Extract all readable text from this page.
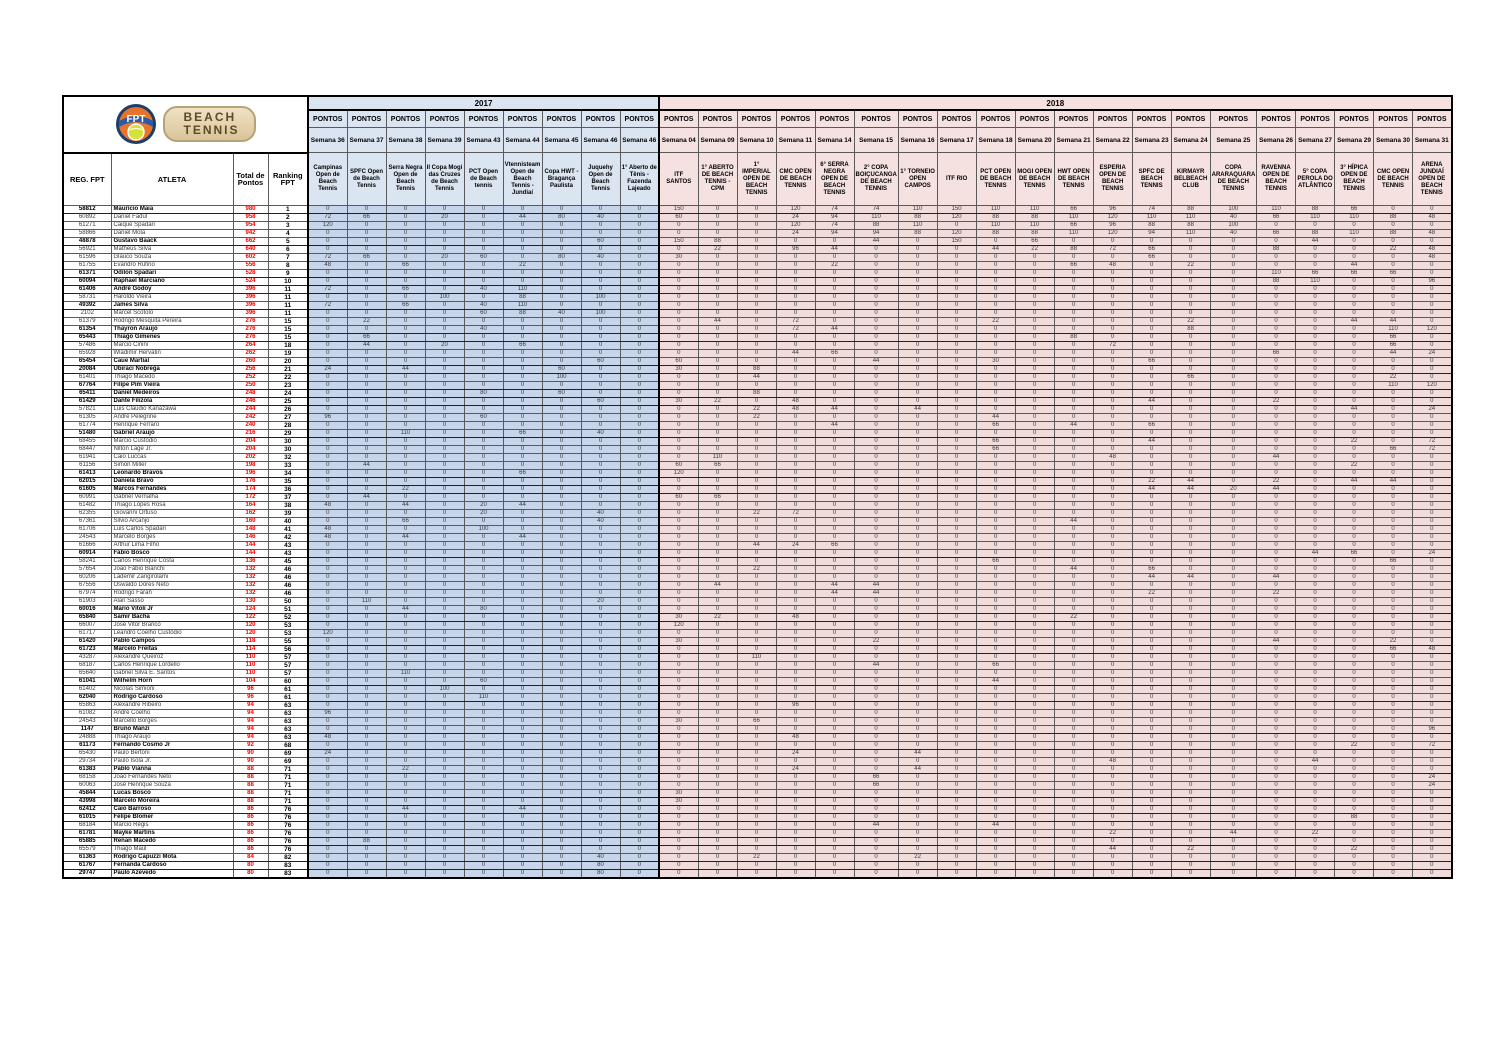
FPT BEACH
TENNIS				2017									2018																			
				PONTOS	PONTOS	PONTOS	PONTOS	PONTOS	PONTOS	PONTOS	PONTOS	PONTOS	PONTOS	PONTOS	PONTOS	PONTOS	PONTOS	PONTOS	PONTOS	PONTOS	PONTOS	PONTOS	PONTOS	PONTOS	PONTOS	PONTOS	PONTOS	PONTOS	PONTOS	PONTOS	PONTOS	PONTOS
				Semana 36	Semana 37	Semana 38	Semana 39	Semana 43	Semana 44	Semana 45	Semana 46	Semana 46	Semana 04	Semana 09	Semana 10	Semana 11	Semana 14	Semana 15	Semana 16	Semana 17	Semana 18	Semana 20	Semana 21	Semana 22	Semana 23	Semana 24	Semana 25	Semana 26	Semana 27	Semana 29	Semana 30	Semana 31
REG. FPT	ATLETA	Total de Pontos	Ranking FPT	Campinas Open de Beach Tennis	SPFC Open de Beach Tennis	Serra Negra Open de Beach Tennis	II Copa Mogi das Cruzes de Beach Tennis	PCT Open de Beach tennis	Vtennisteam Open de Beach Tennis - Jundiaí	Copa HWT - Bragança Paulista	Juquehy Open de Beach Tennis	1° Aberto de Tênis - Fazenda Lajeado	ITF SANTOS	1° ABERTO DE BEACH TENNIS - CPM	1° IMPERIAL OPEN DE BEACH TENNIS	CMC OPEN DE BEACH TENNIS	6° SERRA NEGRA OPEN DE BEACH TENNIS	2° COPA BOIÇUCANGA DE BEACH TENNIS	1° TORNEIO OPEN CAMPOS	ITF RIO	PCT OPEN DE BEACH TENNIS	MOGI OPEN DE BEACH TENNIS	HWT OPEN DE BEACH TENNIS	ESPERIA OPEN DE BEACH TENNIS	SPFC DE BEACH TENNIS	KIRMAYR BELBEACH CLUB	COPA ARARAQUARA DE BEACH TENNIS	RAVENNA OPEN DE BEACH TENNIS	5° COPA PEROLA DO ATLÂNTICO	3° HÍPICA OPEN DE BEACH TENNIS	CMC OPEN DE BEACH TENNIS	ARENA JUNDIAÍ OPEN DE BEACH TENNIS
58812	Maurício Maia	980	1	0	0	0	0	0	0	0	0	0	150	0	0	120	74	74	110	150	110	110	66	96	74	88	100	110	88	66	0	0
60892	Daniel Fadul	958	2	72	66	0	20	0	44	80	40	0	60	0	0	24	94	110	88	120	88	88	110	120	110	110	40	66	110	110	88	48
61271	Caique Spadari	954	3	120	0	0	0	0	0	0	0	0	0	0	0	120	74	88	110	0	110	110	66	96	88	88	100	0	0	0	0	0
58866	Daniel Mola	942	4	0	0	0	0	0	0	0	0	0	0	0	0	24	94	94	88	120	88	88	110	120	94	110	40	66	88	110	88	48
48878	Gustavo Baack	662	5	0	0	0	0	0	0	0	60	0	150	88	0	0	0	44	0	150	0	66	0	0	0	0	0	0	44	0	0	0
56921	Matheus Silva	640	6	0	0	0	0	0	0	0	0	0	0	22	0	96	44	0	0	0	44	22	88	72	66	0	0	88	0	0	22	48
61596	Glauco Souza	602	7	72	66	0	20	60	0	80	40	0	30	0	0	0	0	0	0	0	0	0	0	0	66	0	0	0	0	0	0	48
61755	Evandro Rufino	556	8	48	0	66	0	0	22	0	0	0	0	0	0	0	22	0	0	0	0	0	66	48	0	22	0	0	0	44	0	0
61371	Odilon Spadari	528	9	0	0	0	0	0	0	0	0	0	0	0	0	0	0	0	0	0	0	0	0	0	0	0	0	110	66	66	66	0
60094	Raphael Marciano	524	10	0	0	0	0	0	0	0	0	0	0	0	0	0	0	0	0	0	0	0	0	0	0	0	0	88	110	0	0	96
61406	André Godoy	396	11	72	0	66	0	40	110	0	0	0	0	0	0	0	0	0	0	0	0	0	0	0	0	0	0	0	0	0	0	0
58731	Haroldo Vieira	396	11	0	0	0	100	0	88	0	100	0	0	0	0	0	0	0	0	0	0	0	0	0	0	0	0	0	0	0	0	0
49392	James Silva	396	11	72	0	66	0	40	110	0	0	0	0	0	0	0	0	0	0	0	0	0	0	0	0	0	0	0	0	0	0	0
2102	Marcel Scotolo	396	11	0	0	0	0	60	88	40	100	0	0	0	0	0	0	0	0	0	0	0	0	0	0	0	0	0	0	0	0	0
61379	Rodrigo Mesquita Pereira	276	15	0	22	0	0	0	0	0	0	0	0	44	0	72	0	0	0	0	22	0	0	0	0	22	0	0	0	44	44	0
61354	Thayron Araujo	276	15	0	0	0	0	40	0	0	0	0	0	0	0	72	44	0	0	0	0	0	0	0	0	88	0	0	0	0	110	120
65443	Thiago Gimenes	276	15	0	66	0	0	0	0	0	0	0	0	0	0	0	0	0	0	0	0	0	88	0	0	0	0	0	0	0	66	0
57486	Marcio Cinini	264	18	0	44	0	20	0	66	0	0	0	0	0	0	0	0	0	0	0	0	0	0	72	0	0	0	0	0	0	66	0
65928	Wladimir Hervatin	262	19	0	0	0	0	0	0	0	0	0	0	0	0	44	66	0	0	0	0	0	0	0	0	0	0	66	0	0	44	24
65454	Caue Martial	260	20	0	0	0	0	0	0	0	60	0	60	0	0	0	0	44	0	0	30	0	0	0	66	0	0	0	0	0	0	0
20084	Ubiraci Nobrega	256	21	24	0	44	0	0	0	60	0	0	30	0	88	0	0	0	0	0	0	0	0	0	0	0	0	0	0	0	0	0
61401	Thiago Macedo	252	22	0	0	0	0	0	0	100	0	0	0	0	44	0	0	0	0	0	0	0	0	0	0	66	0	0	0	0	22	0
67764	Filipe Pim Vieira	250	23	0	0	0	0	0	0	0	0	0	0	0	0	0	0	0	0	0	0	0	0	0	0	0	0	0	0	0	110	120
65411	Daniel Medeiros	248	24	0	0	0	0	80	0	60	0	0	0	0	88	0	0	0	0	0	0	0	0	0	0	0	0	0	0	0	0	0
61429	Dante Filizola	246	25	0	0	0	0	0	0	0	60	0	30	22	0	48	0	0	0	0	0	0	0	0	44	0	0	22	0	0	0	0
57821	Luis Claudio Kanazawa	244	26	0	0	0	0	0	0	0	0	0	0	0	22	48	44	0	44	0	0	0	0	0	0	0	0	0	0	44	0	24
61305	André Pelegrine	242	27	96	0	0	0	60	0	0	0	0	0	0	22	0	0	0	0	0	44	0	0	0	0	0	0	0	0	0	0	0
61774	Henrique Ferraro	240	28	0	0	0	0	0	0	0	0	0	0	0	0	0	44	0	0	0	66	0	44	0	66	0	0	0	0	0	0	0
51480	Gabriel Araujo	216	29	0	0	110	0	0	66	0	40	0	0	0	0	0	0	0	0	0	0	0	0	0	0	0	0	0	0	0	0	0
68455	Márcio Custódio	204	30	0	0	0	0	0	0	0	0	0	0	0	0	0	0	0	0	0	66	0	0	0	44	0	0	0	0	22	0	72
68447	Nilton Lage Jr.	204	30	0	0	0	0	0	0	0	0	0	0	0	0	0	0	0	0	0	66	0	0	0	0	0	0	0	0	0	66	72
61941	Caio Luccas	202	32	0	0	0	0	0	0	0	0	0	0	110	0	0	0	0	0	0	0	0	0	48	0	0	0	44	0	0	0	0
61156	Simon Miller	198	33	0	44	0	0	0	0	0	0	0	60	66	0	0	0	0	0	0	0	0	0	0	0	0	0	0	0	22	0	0
61413	Leonardo Bravos	196	34	0	0	0	0	0	66	0	0	0	120	0	0	0	0	0	0	0	0	0	0	0	0	0	0	0	0	0	0	0
62015	Daniela Bravo	176	35	0	0	0	0	0	0	0	0	0	0	0	0	0	0	0	0	0	0	0	0	0	22	44	0	22	0	44	44	0
61605	Marcos Fernandes	174	36	0	0	22	0	0	0	0	0	0	0	0	0	0	0	0	0	0	0	0	0	0	44	44	20	44	0	0	0	0
60991	Gabriel Vernalha	172	37	0	44	0	0	0	0	0	0	0	60	66	0	0	0	0	0	0	0	0	0	0	0	0	0	0	0	0	0	0
61482	Thiago Lopes Rosa	164	38	48	0	44	0	20	44	0	0	0	0	0	0	0	0	0	0	0	0	0	0	0	0	0	0	0	0	0	0	0
62355	Giovanni Ortuso	162	39	0	0	0	0	20	0	0	40	0	0	0	22	72	0	0	0	0	0	0	0	0	0	0	0	0	0	0	0	0
67361	Silvio Arcanjo	160	40	0	0	66	0	0	0	0	40	0	0	0	0	0	0	0	0	0	0	0	44	0	0	0	0	0	0	0	0	0
61706	Luis Carlos Spadari	148	41	48	0	0	0	100	0	0	0	0	0	0	0	0	0	0	0	0	0	0	0	0	0	0	0	0	0	0	0	0
24543	Marcelo Borges	146	42	48	0	44	0	0	44	0	0	0	0	0	0	0	0	0	0	0	0	0	0	0	0	0	0	0	0	0	0	0
61666	Arthur Lima Filho	144	43	0	0	0	0	0	0	0	0	0	0	0	44	24	66	0	0	0	0	0	0	0	0	0	0	0	0	0	0	0
60914	Fábio Bosco	144	43	0	0	0	0	0	0	0	0	0	0	0	0	0	0	0	0	0	0	0	0	0	0	0	0	0	44	66	0	24
58241	Carlos Henrique Costa	136	45	0	0	0	0	0	0	0	0	0	0	0	0	0	0	0	0	0	66	0	0	0	0	0	0	0	0	0	66	0
57654	João Fábio Bianchi	132	46	0	0	0	0	0	0	0	0	0	0	0	22	0	0	0	0	0	0	0	44	0	66	0	0	0	0	0	0	0
60206	Lademir Zangirolami	132	46	0	0	0	0	0	0	0	0	0	0	0	0	0	0	0	0	0	0	0	0	0	44	44	0	44	0	0	0	0
67556	Oswaldo Dores Neto	132	46	0	0	0	0	0	0	0	0	0	0	44	0	0	44	44	0	0	0	0	0	0	0	0	0	0	0	0	0	0
67974	Rodrigo Farah	132	46	0	0	0	0	0	0	0	0	0	0	0	0	0	44	44	0	0	0	0	0	0	22	0	0	22	0	0	0	0
61903	Alan Sasso	130	50	0	110	0	0	0	0	0	20	0	0	0	0	0	0	0	0	0	0	0	0	0	0	0	0	0	0	0	0	0
60016	Mario Vitoli Jr	124	51	0	0	44	0	80	0	0	0	0	0	0	0	0	0	0	0	0	0	0	0	0	0	0	0	0	0	0	0	0
65840	Samir Bacha	122	52	0	0	0	0	0	0	0	0	0	30	22	0	48	0	0	0	0	0	0	22	0	0	0	0	0	0	0	0	0
66007	José Vitor Branco	120	53	0	0	0	0	0	0	0	0	0	120	0	0	0	0	0	0	0	0	0	0	0	0	0	0	0	0	0	0	0
61717	Leandro Coelho Custódio	120	53	120	0	0	0	0	0	0	0	0	0	0	0	0	0	0	0	0	0	0	0	0	0	0	0	0	0	0	0	0
61420	Pablo Campos	118	55	0	0	0	0	0	0	0	0	0	30	0	0	0	0	22	0	0	0	0	0	0	0	0	0	44	0	0	22	0
61723	Marcelo Freitas	114	56	0	0	0	0	0	0	0	0	0	0	0	0	0	0	0	0	0	0	0	0	0	0	0	0	0	0	0	66	48
43287	Alexandre Queiroz	110	57	0	0	0	0	0	0	0	0	0	0	0	110	0	0	0	0	0	0	0	0	0	0	0	0	0	0	0	0	0
68187	Carlos Henrique Lordello	110	57	0	0	0	0	0	0	0	0	0	0	0	0	0	0	44	0	0	66	0	0	0	0	0	0	0	0	0	0	0
65640	Gabriel Silva E. Santos	110	57	0	0	110	0	0	0	0	0	0	0	0	0	0	0	0	0	0	0	0	0	0	0	0	0	0	0	0	0	0
61041	Wilhelm Horn	104	60	0	0	0	0	60	0	0	0	0	0	0	0	0	0	0	0	0	44	0	0	0	0	0	0	0	0	0	0	0
61402	Nicolas Simioni	96	61	0	0	0	100	0	0	0	0	0	0	0	0	0	0	0	0	0	0	0	0	0	0	0	0	0	0	0	0	0
62040	Rodrigo Cardoso	96	61	0	0	0	0	110	0	0	0	0	0	0	0	0	0	0	0	0	0	0	0	0	0	0	0	0	0	0	0	0
65863	Alexandre Ribeiro	94	63	0	0	0	0	0	0	0	0	0	0	0	0	96	0	0	0	0	0	0	0	0	0	0	0	0	0	0	0	0
61082	André Coelho	94	63	96	0	0	0	0	0	0	0	0	0	0	0	0	0	0	0	0	0	0	0	0	0	0	0	0	0	0	0	0
24543	Marcello Borges	94	63	0	0	0	0	0	0	0	0	0	30	0	66	0	0	0	0	0	0	0	0	0	0	0	0	0	0	0	0	0
1147	Bruno Manzi	94	63	0	0	0	0	0	0	0	0	0	0	0	0	0	0	0	0	0	0	0	0	0	0	0	0	0	0	0	0	96
24888	Thiago Araujo	94	63	48	0	0	0	0	0	0	0	0	0	0	0	48	0	0	0	0	0	0	0	0	0	0	0	0	0	0	0	0
61173	Fernando Cosmo Jr	92	68	0	0	0	0	0	0	0	0	0	0	0	0	0	0	0	0	0	0	0	0	0	0	0	0	0	0	22	0	72
65430	Paulo Bertoni	90	69	24	0	0	0	0	0	0	0	0	0	0	0	24	0	0	44	0	0	0	0	0	0	0	0	0	0	0	0	0
29734	Paulo Isola Jr.	90	69	0	0	0	0	0	0	0	0	0	0	0	0	0	0	0	0	0	0	0	0	48	0	0	0	0	44	0	0	0
61383	Pablo Vianna	88	71	0	0	22	0	0	0	0	0	0	0	0	0	24	0	0	44	0	0	0	0	0	0	0	0	0	0	0	0	0
68158	João Fernandes Neto	88	71	0	0	0	0	0	0	0	0	0	0	0	0	0	0	66	0	0	0	0	0	0	0	0	0	0	0	0	0	24
60063	José Henrique Souza	88	71	0	0	0	0	0	0	0	0	0	0	0	0	0	0	66	0	0	0	0	0	0	0	0	0	0	0	0	0	24
45844	Lucas Bosco	88	71	0	0	0	0	0	0	0	0	0	30	0	0	0	0	0	0	0	0	0	0	0	0	0	0	0	0	0	0	0
43998	Marcelo Moreira	88	71	0	0	0	0	0	0	0	0	0	30	0	0	0	0	0	0	0	0	0	0	0	0	0	0	0	0	0	0	0
62412	Caio Barroso	86	76	0	0	44	0	0	44	0	0	0	0	0	0	0	0	0	0	0	0	0	0	0	0	0	0	0	0	0	0	0
61015	Felipe Blomer	86	76	0	0	0	0	0	0	0	0	0	0	0	0	0	0	0	0	0	0	0	0	0	0	0	0	0	0	88	0	0
68184	Márcio Régis	86	76	0	0	0	0	0	0	0	0	0	0	0	0	0	0	44	0	0	44	0	0	0	0	0	0	0	0	0	0	0
61781	Mayke Martins	86	76	0	0	0	0	0	0	0	0	0	0	0	0	0	0	0	0	0	0	0	0	22	0	0	44	0	22	0	0	0
65885	Renan Macedo	86	76	0	88	0	0	0	0	0	0	0	0	0	0	0	0	0	0	0	0	0	0	0	0	0	0	0	0	0	0	0
65579	Thiago Maul	86	76	0	0	0	0	0	0	0	0	0	0	0	0	0	0	0	0	0	0	0	0	44	0	22	0	0	0	22	0	0
61363	Rodrigo Capuzzi Mota	84	82	0	0	0	0	0	0	0	40	0	0	0	22	0	0	0	22	0	0	0	0	0	0	0	0	0	0	0	0	0
61767	Fernanda Cardoso	80	83	0	0	0	0	0	0	0	80	0	0	0	0	0	0	0	0	0	0	0	0	0	0	0	0	0	0	0	0	0
29747	Paulo Azevedo	80	83	0	0	0	0	0	0	0	80	0	0	0	0	0	0	0	0	0	0	0	0	0	0	0	0	0	0	0	0	0
